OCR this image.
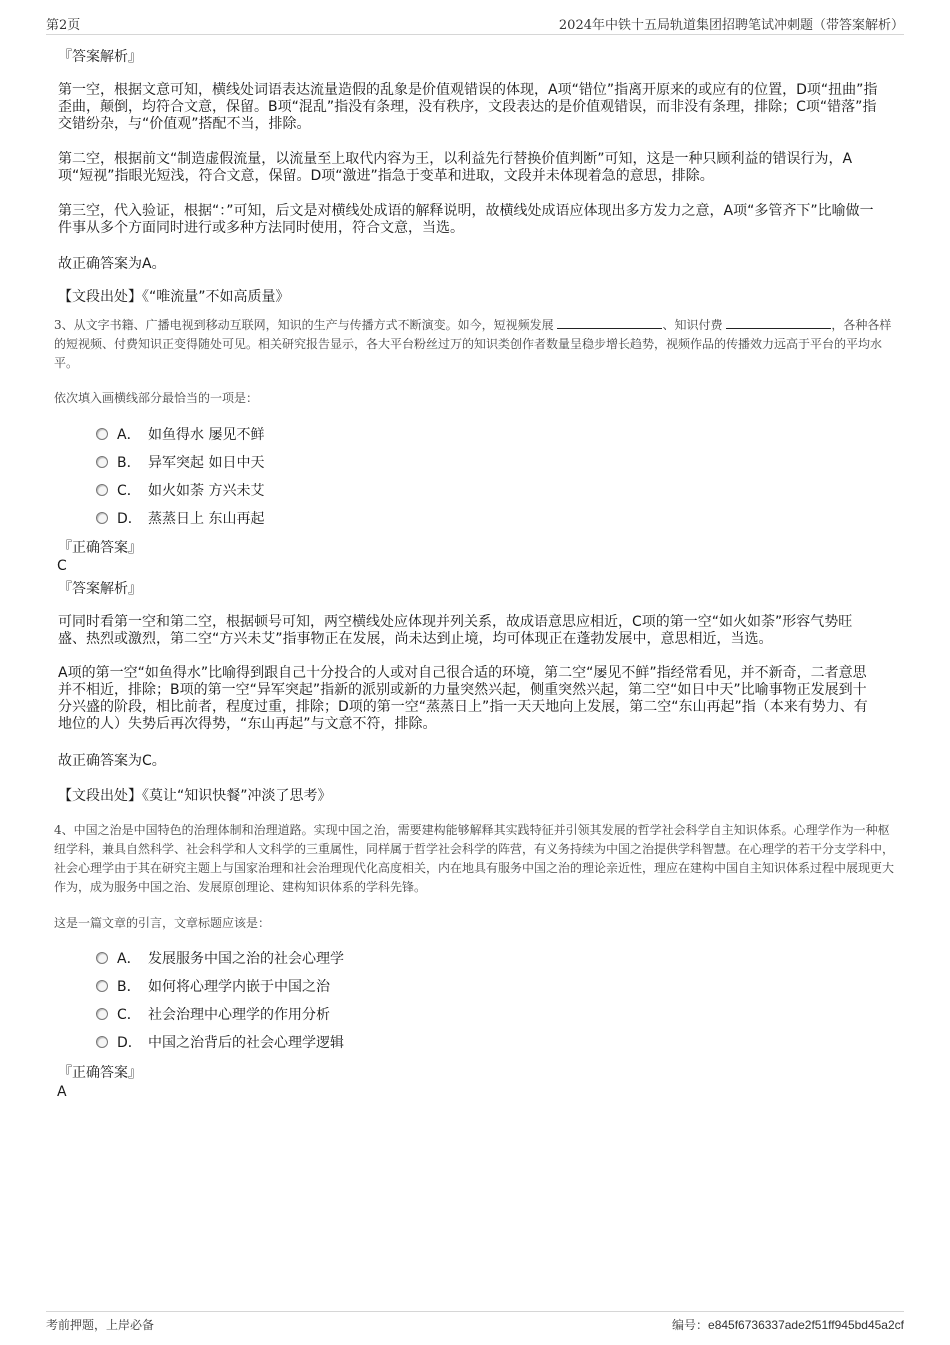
第2页	2024年中铁十五局轨道集团招聘笔试冲刺题（带答案解析）
『答案解析』
第一空，根据文意可知，横线处词语表达流量造假的乱象是价值观错误的体现，A项“错位”指离开原来的或应有的位置，D项“扭曲”指歪曲，颠倒，均符合文意，保留。B项“混乱”指没有条理，没有秩序，文段表达的是价值观错误，而非没有条理，排除；C项“错落”指交错纷杂，与“价值观”搭配不当，排除。
第二空，根据前文“制造虚假流量，以流量至上取代内容为王，以利益先行替换价值判断”可知，这是一种只顾利益的错误行为，A项“短视”指眼光短浅，符合文意，保留。D项“激进”指急于变革和进取，文段并未体现着急的意思，排除。
第三空，代入验证，根据“：”可知，后文是对横线处成语的解释说明，故横线处成语应体现出多方发力之意，A项“多管齐下”比喻做一件事从多个方面同时进行或多种方法同时使用，符合文意，当选。
故正确答案为A。
【文段出处】《“唯流量”不如高质量》
3、从文字书籍、广播电视到移动互联网，知识的生产与传播方式不断演变。如今，短视频发展	、知识付费	，各种各样的短视频、付费知识正变得随处可见。相关研究报告显示，各大平台粉丝过万的知识类创作者数量呈稳步增长趋势，视频作品的传播效力远高于平台的平均水平。
依次填入画横线部分最恰当的一项是：
A． 如鱼得水 屡见不鲜
B． 异军突起 如日中天
C． 如火如荼 方兴未艾
D． 蒸蒸日上 东山再起
『正确答案』
C
『答案解析』
可同时看第一空和第二空，根据顿号可知，两空横线处应体现并列关系，故成语意思应相近，C项的第一空“如火如荼”形容气势旺盛、热烈或激烈，第二空“方兴未艾”指事物正在发展，尚未达到止境，均可体现正在蓬勃发展中，意思相近，当选。
A项的第一空“如鱼得水”比喻得到跟自己十分投合的人或对自己很合适的环境，第二空“屡见不鲜”指经常看见，并不新奇，二者意思并不相近，排除；B项的第一空“异军突起”指新的派别或新的力量突然兴起，侧重突然兴起，第二空“如日中天”比喻事物正发展到十分兴盛的阶段，相比前者，程度过重，排除；D项的第一空“蒸蒸日上”指一天天地向上发展，第二空“东山再起”指（本来有势力、有地位的人）失势后再次得势，“东山再起”与文意不符，排除。
故正确答案为C。
【文段出处】《莫让“知识快餐”冲淡了思考》
4、中国之治是中国特色的治理体制和治理道路。实现中国之治，需要建构能够解释其实践特征并引领其发展的哲学社会科学自主知识体系。心理学作为一种枢纽学科，兼具自然科学、社会科学和人文科学的三重属性，同样属于哲学社会科学的阵营，有义务持续为中国之治提供学科智慧。在心理学的若干分支学科中，社会心理学由于其在研究主题上与国家治理和社会治理现代化高度相关，内在地具有服务中国之治的理论亲近性，理应在建构中国自主知识体系过程中展现更大作为，成为服务中国之治、发展原创理论、建构知识体系的学科先锋。
这是一篇文章的引言，文章标题应该是：
A． 发展服务中国之治的社会心理学
B． 如何将心理学内嵌于中国之治
C． 社会治理中心理学的作用分析
D． 中国之治背后的社会心理学逻辑
『正确答案』
A
考前押题，上岸必备	编号：e845f6736337ade2f51ff945bd45a2cf
